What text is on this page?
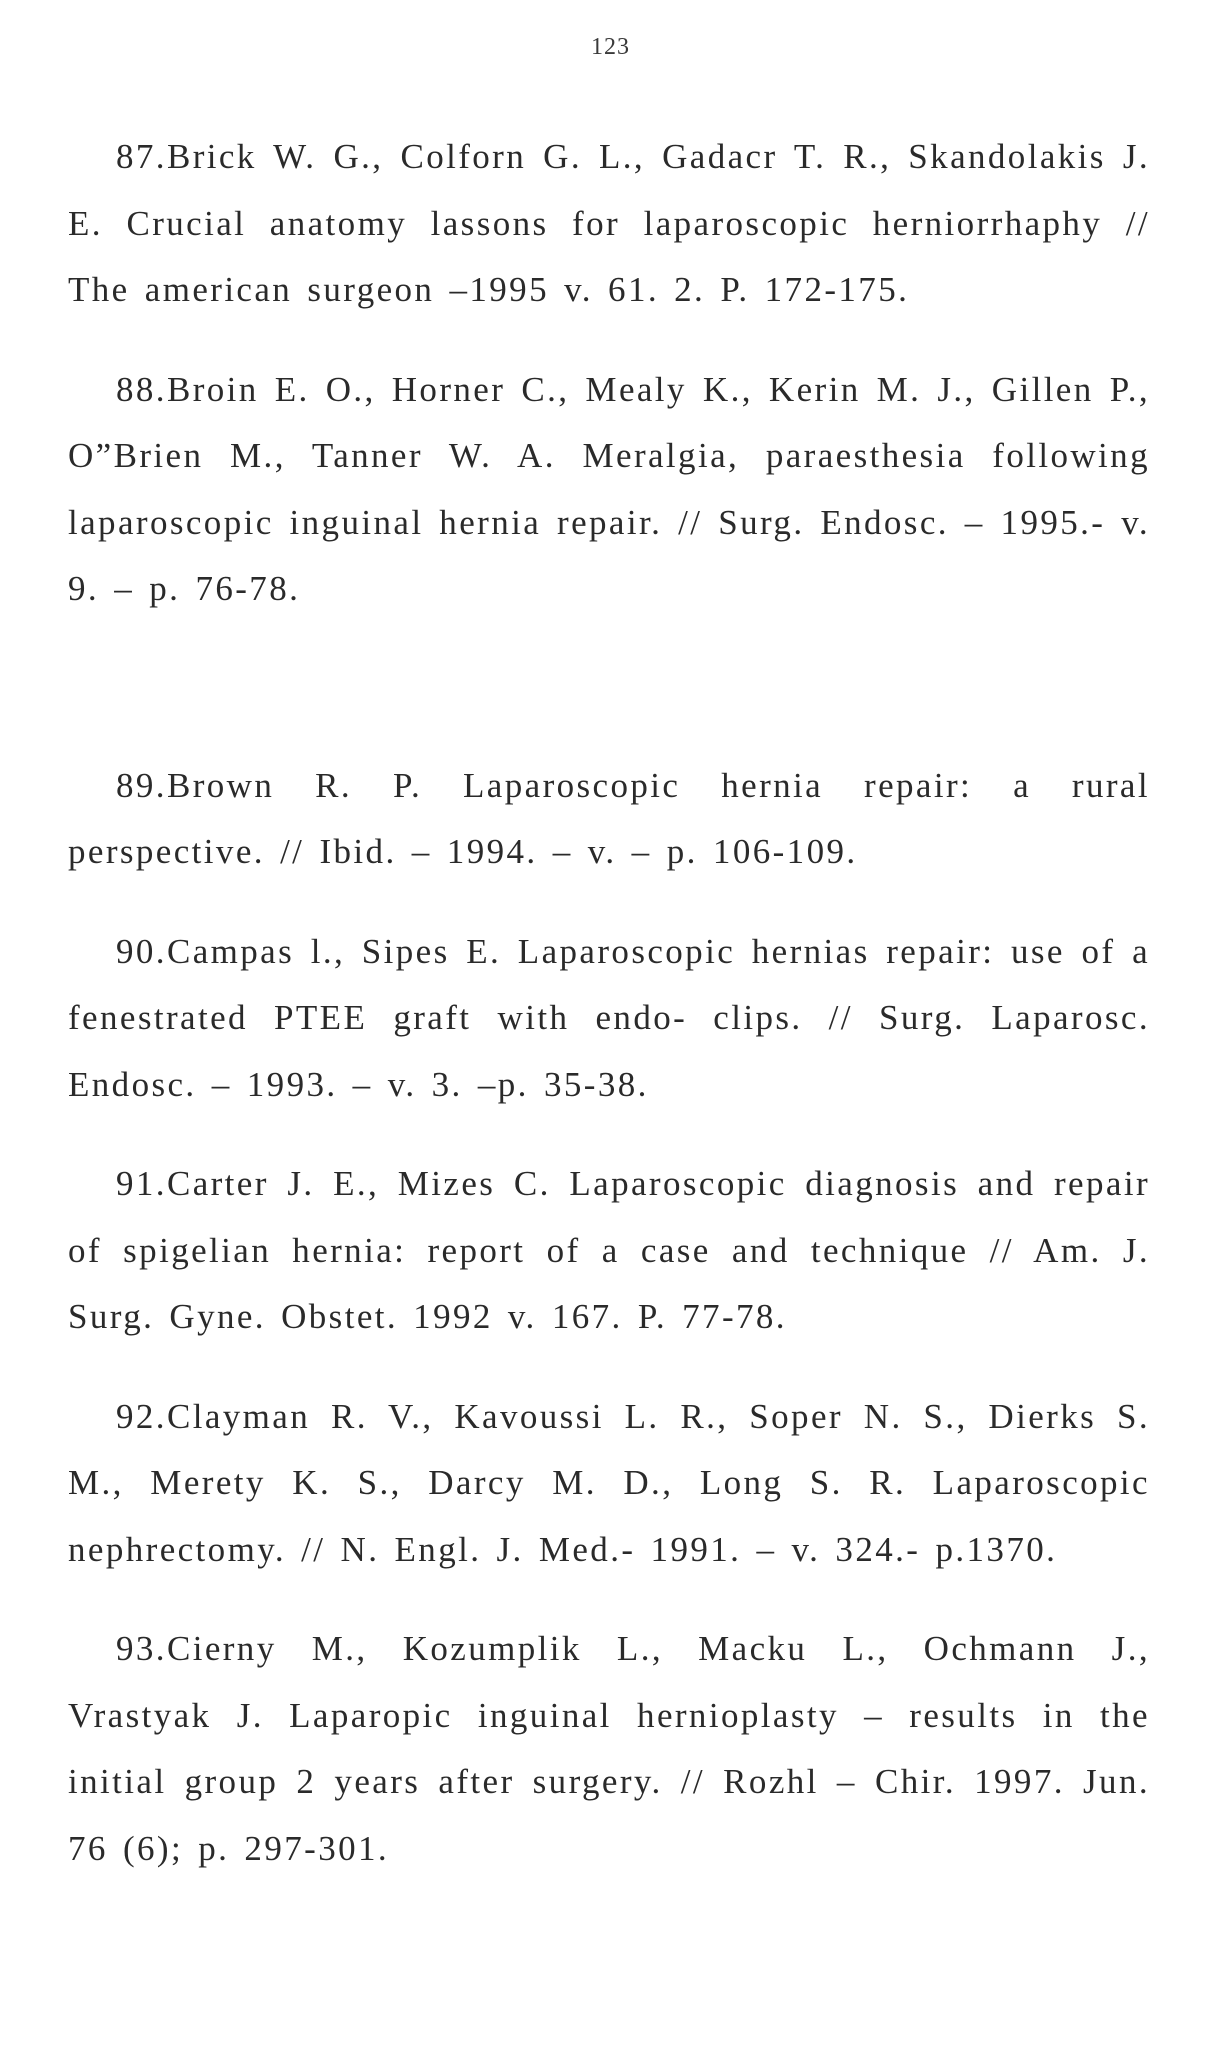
123

87.Brick W. G., Colforn G. L., Gadacr T. R., Skandolakis J. E. Crucial anatomy lassons for laparoscopic herniorrhaphy // The american surgeon –1995 v. 61. 2. P. 172-175.

88.Broin E. O., Horner C., Mealy K., Kerin M. J., Gillen P., O”Brien M., Tanner W. A. Meralgia, paraesthesia following laparoscopic inguinal hernia repair. // Surg. Endosc. – 1995.- v. 9. – p. 76-78.

89.Brown R. P. Laparoscopic hernia repair: a rural perspective. // Ibid. – 1994. – v. – p. 106-109.

90.Campas l., Sipes E. Laparoscopic hernias repair: use of a fenestrated PTEE graft with endo- clips. // Surg. Laparosc. Endosc. – 1993. – v. 3. –p. 35-38.

91.Carter J. E., Mizes C. Laparoscopic diagnosis and repair of spigelian hernia: report of a case and technique // Am. J. Surg. Gyne. Obstet. 1992 v. 167. P. 77-78.

92.Clayman R. V., Kavoussi L. R., Soper N. S., Dierks S. M., Merety K. S., Darcy M. D., Long S. R. Laparoscopic nephrectomy. // N. Engl. J. Med.- 1991. – v. 324.- p.1370.

93.Cierny M., Kozumplik L., Macku L., Ochmann J., Vrastyak J. Laparopic inguinal hernioplasty – results in the initial group 2 years after surgery. // Rozhl – Chir. 1997. Jun. 76 (6); p. 297-301.
